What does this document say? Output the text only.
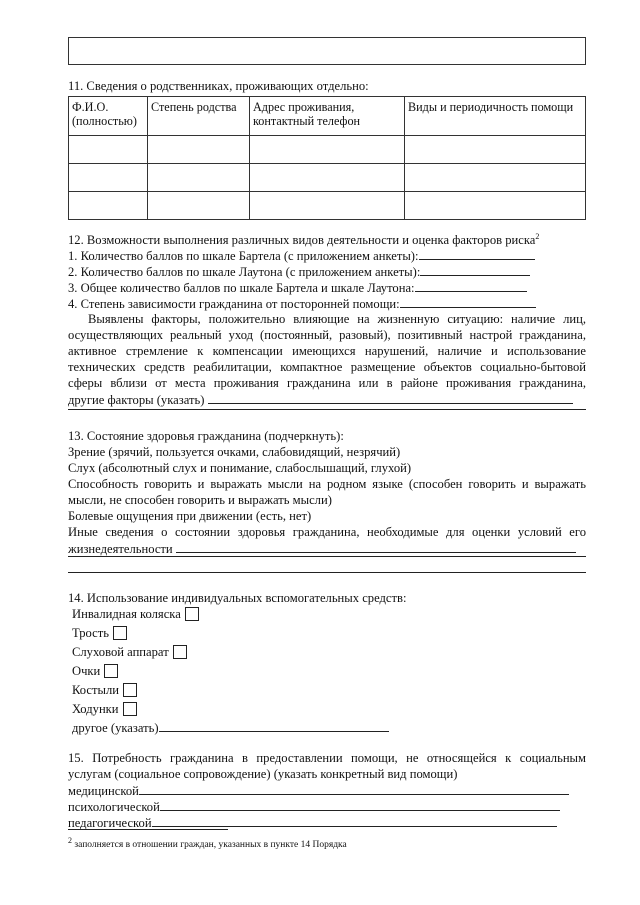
11. Сведения о родственниках, проживающих отдельно:
Ф.И.О. (полностью)	Степень родства	Адрес проживания, контактный телефон	Виды и периодичность помощи

12. Возможности выполнения различных видов деятельности и оценка факторов риска$^2$
1. Количество баллов по шкале Бартела (с приложением анкеты):
2. Количество баллов по шкале Лаутона (с приложением анкеты):
3. Общее количество баллов по шкале Бартела и шкале Лаутона:
4. Степень зависимости гражданина от посторонней помощи:
Выявлены факторы, положительно влияющие на жизненную ситуацию: наличие лиц,
осуществляющих реальный уход (постоянный, разовый), позитивный настрой гражданина,
активное стремление к компенсации имеющихся нарушений, наличие и использование
технических средств реабилитации, компактное размещение объектов социально-бытовой
сферы вблизи от места проживания гражданина или в районе проживания гражданина,
другие факторы (указать)
13. Состояние здоровья гражданина (подчеркнуть):
Зрение (зрячий, пользуется очками, слабовидящий, незрячий)
Слух (абсолютный слух и понимание, слабослышащий, глухой)
Способность говорить и выражать мысли на родном языке (способен говорить и выражать
мысли, не способен говорить и выражать мысли)
Болевые ощущения при движении (есть, нет)
Иные сведения о состоянии здоровья гражданина, необходимые для оценки условий его
жизнедеятельности
14. Использование индивидуальных вспомогательных средств:
Инвалидная коляска
Трость
Слуховой аппарат
Очки
Костыли
Ходунки
другое (указать)
15. Потребность гражданина в предоставлении помощи, не относящейся к социальным
услугам (социальное сопровождение) (указать конкретный вид помощи)
медицинской
психологической
педагогической
$^2$ заполняется в отношении граждан, указанных в пункте 14 Порядка
